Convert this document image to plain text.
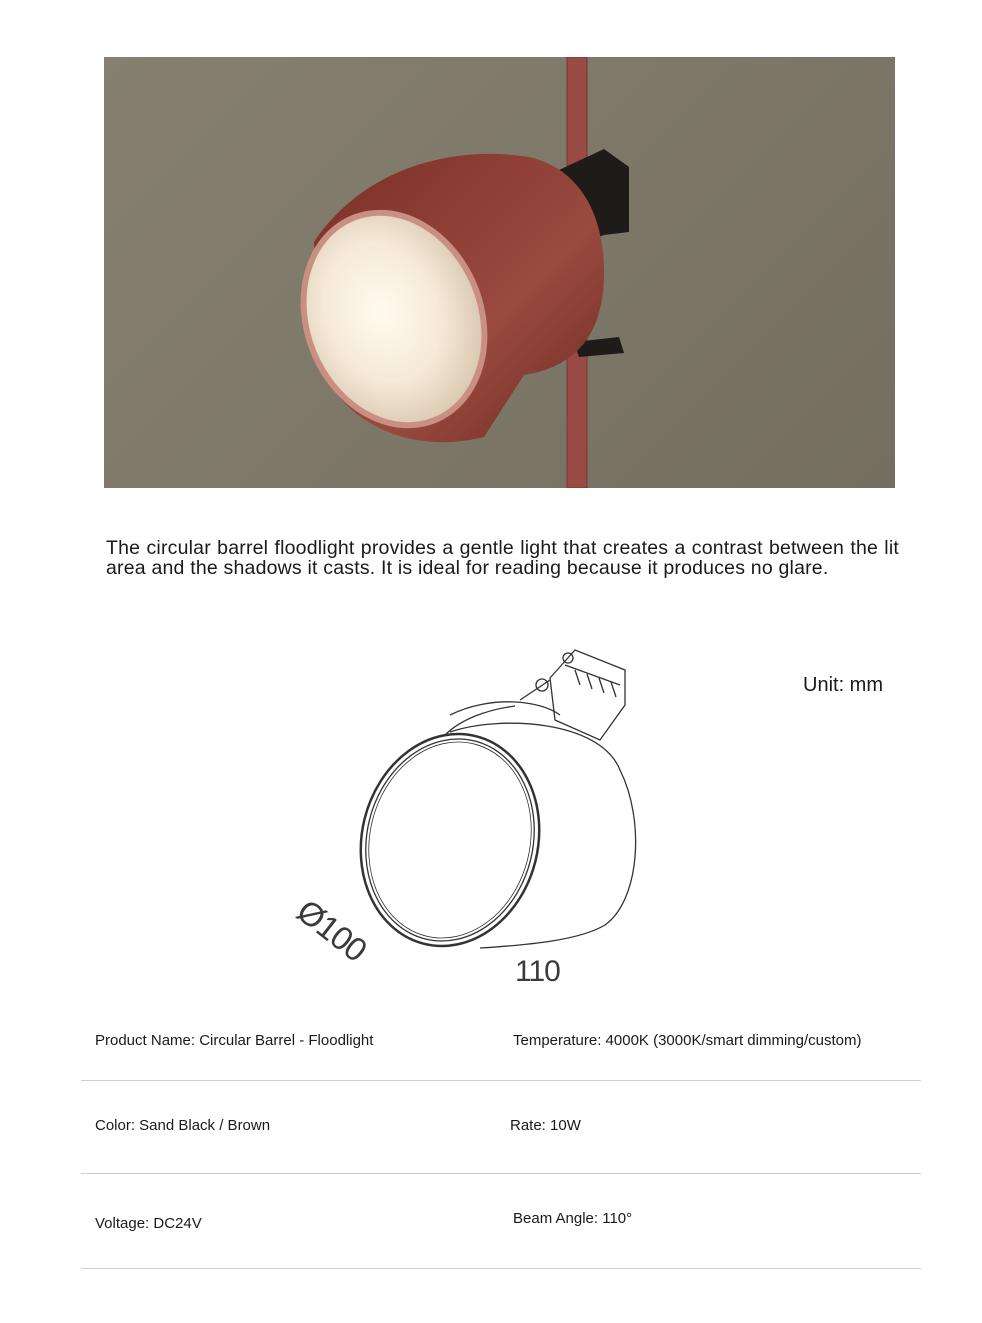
The circular barrel floodlight provides a gentle light that creates a contrast between the lit area and the shadows it casts. It is ideal for reading because it produces no glare.

Unit: mm
Ø100
110
Product Name: Circular Barrel - Floodlight	Temperature: 4000K (3000K/smart dimming/custom)
Color: Sand Black / Brown	Rate: 10W
Voltage: DC24V	Beam Angle: 110°
